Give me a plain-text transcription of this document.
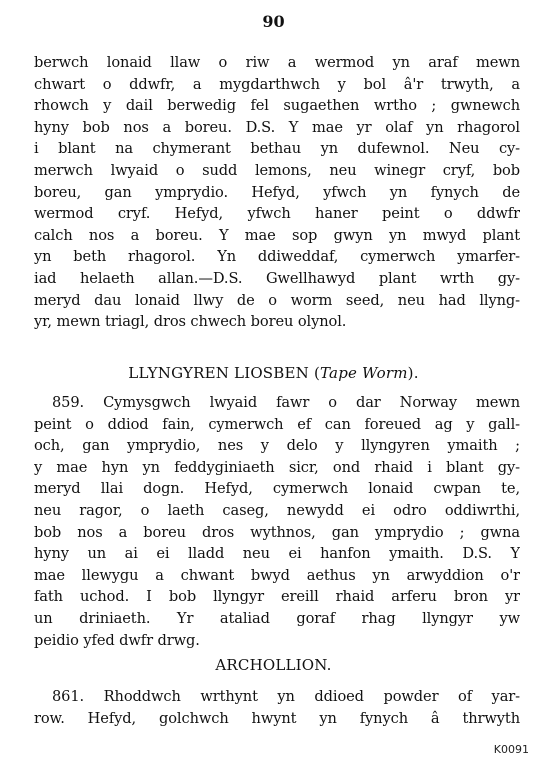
90
berwch lonaid llaw o riw a wermod yn araf mewn
chwart o ddwfr, a mygdarthwch y bol â'r trwyth, a
rhowch y dail berwedig fel sugaethen wrtho ; gwnewch
hyny bob nos a boreu. D.S. Y mae yr olaf yn rhagorol
i blant na chymerant bethau yn dufewnol. Neu cy-
merwch lwyaid o sudd lemons, neu winegr cryf, bob
boreu, gan ymprydio. Hefyd, yfwch yn fynych de
wermod cryf. Hefyd, yfwch haner peint o ddwfr
calch nos a boreu. Y mae sop gwyn yn mwyd plant
yn beth rhagorol. Yn ddiweddaf, cymerwch ymarfer-
iad helaeth allan.—D.S. Gwellhawyd plant wrth gy-
meryd dau lonaid llwy de o worm seed, neu had llyng-
yr, mewn triagl, dros chwech boreu olynol.
LLYNGYREN LIOSBEN (Tape Worm).
859. Cymysgwch lwyaid fawr o dar Norway mewn
peint o ddiod fain, cymerwch ef can foreued ag y gall-
och, gan ymprydio, nes y delo y llyngyren ymaith ;
y mae hyn yn feddyginiaeth sicr, ond rhaid i blant gy-
meryd llai dogn. Hefyd, cymerwch lonaid cwpan te,
neu ragor, o laeth caseg, newydd ei odro oddiwrthi,
bob nos a boreu dros wythnos, gan ymprydio ; gwna
hyny un ai ei lladd neu ei hanfon ymaith. D.S. Y
mae llewygu a chwant bwyd aethus yn arwyddion o'r
fath uchod. I bob llyngyr ereill rhaid arferu bron yr
un driniaeth. Yr ataliad goraf rhag llyngyr yw
peidio yfed dwfr drwg.
ARCHOLLION.
861. Rhoddwch wrthynt yn ddioed powder of yar-
row. Hefyd, golchwch hwynt yn fynych â thrwyth
K0091
